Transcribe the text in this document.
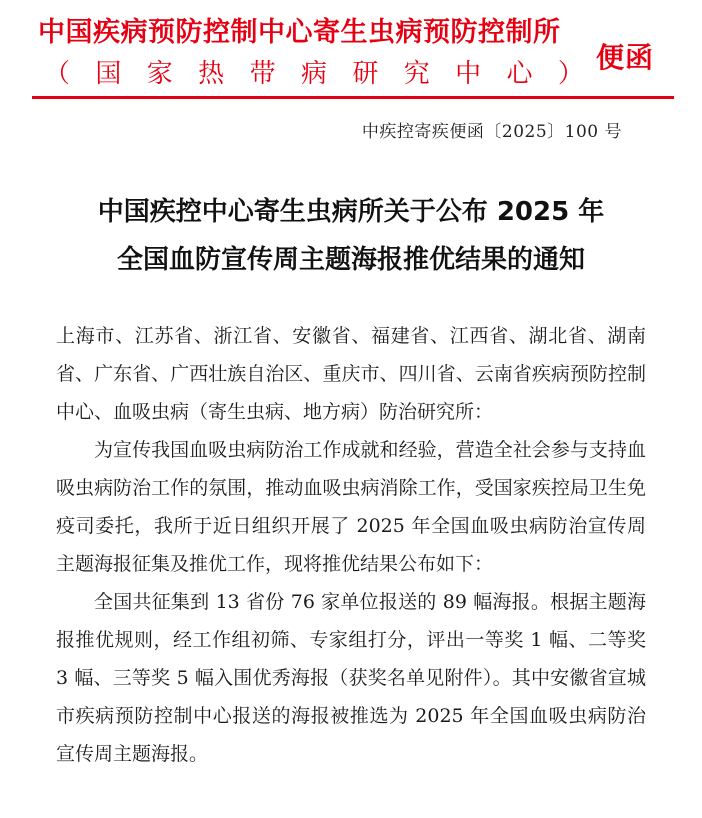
中国疾病预防控制中心寄生虫病预防控制所
（ 国 家 热 带 病 研 究 中 心 ） 便函
中疾控寄疾便函〔2025〕100 号
中国疾控中心寄生虫病所关于公布 2025 年
全国血防宣传周主题海报推优结果的通知

上海市、江苏省、浙江省、安徽省、福建省、江西省、湖北省、湖南省、广东省、广西壮族自治区、重庆市、四川省、云南省疾病预防控制中心、血吸虫病（寄生虫病、地方病）防治研究所：

为宣传我国血吸虫病防治工作成就和经验，营造全社会参与支持血吸虫病防治工作的氛围，推动血吸虫病消除工作，受国家疾控局卫生免疫司委托，我所于近日组织开展了 2025 年全国血吸虫病防治宣传周主题海报征集及推优工作，现将推优结果公布如下：

全国共征集到 13 省份 76 家单位报送的 89 幅海报。根据主题海报推优规则，经工作组初筛、专家组打分，评出一等奖 1 幅、二等奖 3 幅、三等奖 5 幅入围优秀海报（获奖名单见附件）。其中安徽省宣城市疾病预防控制中心报送的海报被推选为 2025 年全国血吸虫病防治宣传周主题海报。
